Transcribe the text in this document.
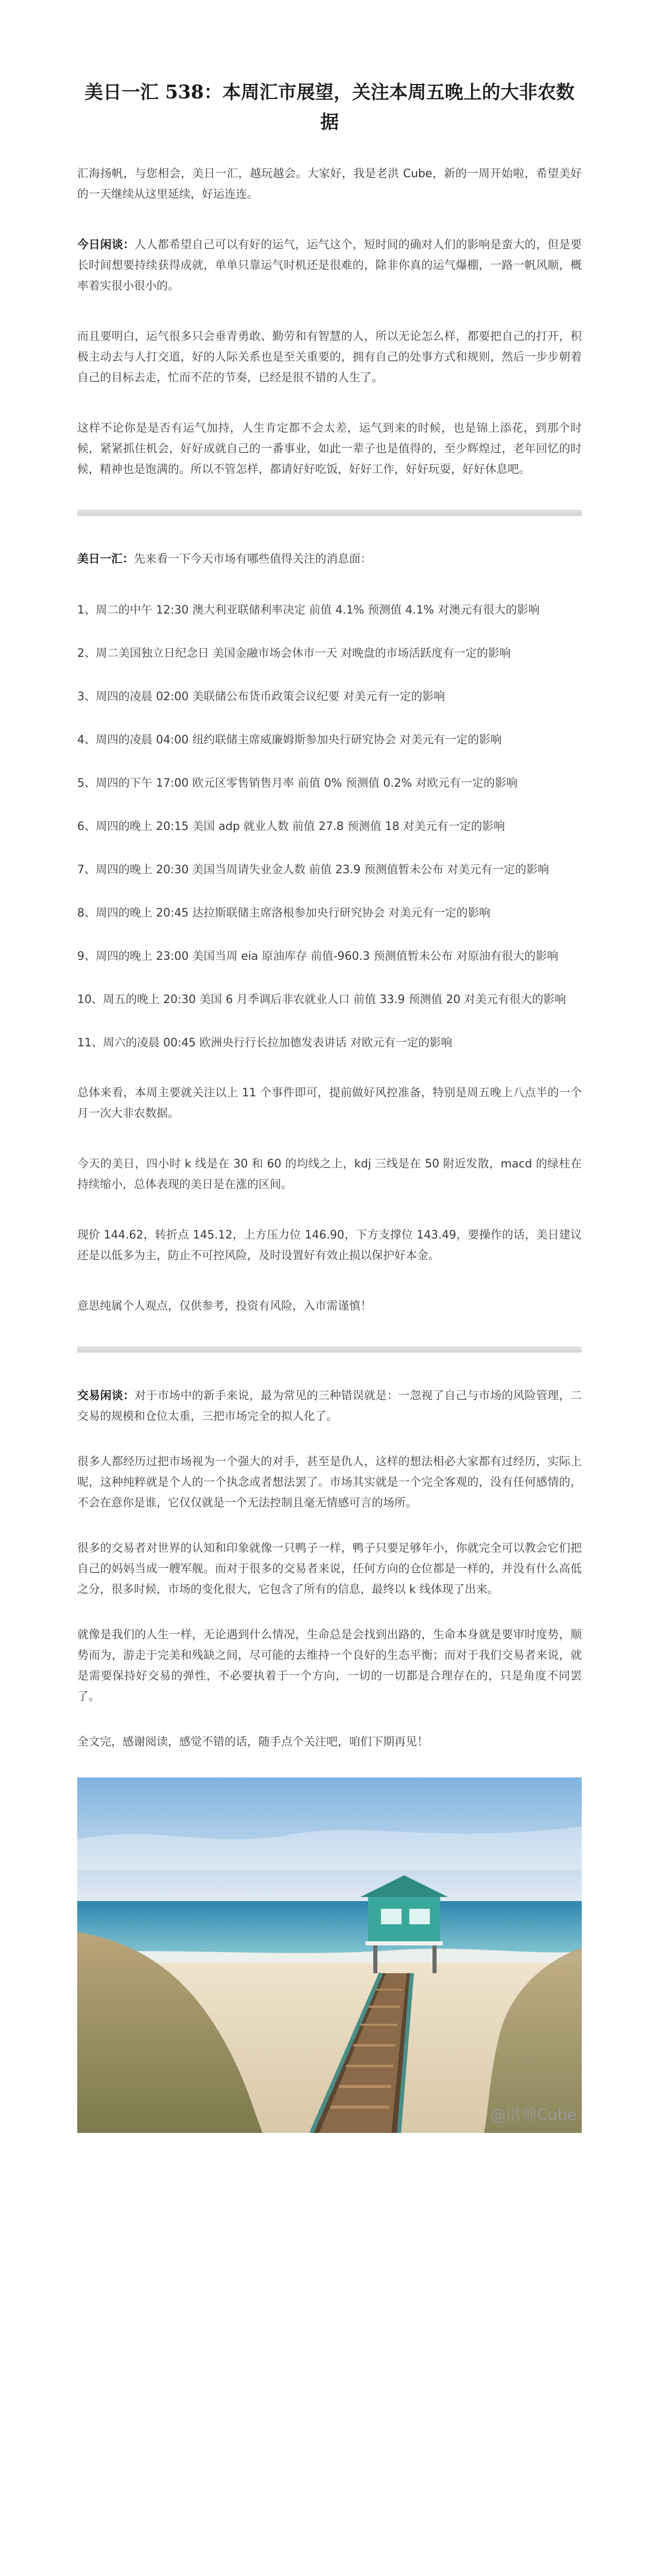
美日一汇 538：本周汇市展望，关注本周五晚上的大非农数据

汇海扬帆，与您相会，美日一汇，越玩越会。大家好，我是老洪 Cube，新的一周开始啦，希望美好的一天继续从这里延续，好运连连。

今日闲谈：人人都希望自己可以有好的运气，运气这个，短时间的确对人们的影响是蛮大的，但是要长时间想要持续获得成就，单单只靠运气时机还是很难的，除非你真的运气爆棚，一路一帆风顺，概率着实很小很小的。

而且要明白，运气很多只会垂青勇敢、勤劳和有智慧的人，所以无论怎么样，都要把自己的打开，积极主动去与人打交道，好的人际关系也是至关重要的，拥有自己的处事方式和规则，然后一步步朝着自己的目标去走，忙而不茫的节奏，已经是很不错的人生了。

这样不论你是是否有运气加持，人生肯定都不会太差，运气到来的时候，也是锦上添花，到那个时候，紧紧抓住机会，好好成就自己的一番事业，如此一辈子也是值得的，至少辉煌过，老年回忆的时候，精神也是饱满的。所以不管怎样，都请好好吃饭，好好工作，好好玩耍，好好休息吧。

美日一汇：先来看一下今天市场有哪些值得关注的消息面：

1、周二的中午 12:30 澳大利亚联储利率决定 前值 4.1% 预测值 4.1% 对澳元有很大的影响
2、周二美国独立日纪念日 美国金融市场会休市一天 对晚盘的市场活跃度有一定的影响
3、周四的凌晨 02:00 美联储公布货币政策会议纪要 对美元有一定的影响
4、周四的凌晨 04:00 纽约联储主席威廉姆斯参加央行研究协会 对美元有一定的影响
5、周四的下午 17:00 欧元区零售销售月率 前值 0% 预测值 0.2% 对欧元有一定的影响
6、周四的晚上 20:15 美国 adp 就业人数 前值 27.8 预测值 18 对美元有一定的影响
7、周四的晚上 20:30 美国当周请失业金人数 前值 23.9 预测值暂未公布 对美元有一定的影响
8、周四的晚上 20:45 达拉斯联储主席洛根参加央行研究协会 对美元有一定的影响
9、周四的晚上 23:00 美国当周 eia 原油库存 前值-960.3 预测值暂未公布 对原油有很大的影响
10、周五的晚上 20:30 美国 6 月季调后非农就业人口 前值 33.9 预测值 20 对美元有很大的影响
11、周六的凌晨 00:45 欧洲央行行长拉加德发表讲话 对欧元有一定的影响

总体来看，本周主要就关注以上 11 个事件即可，提前做好风控准备，特别是周五晚上八点半的一个月一次大非农数据。

今天的美日，四小时 k 线是在 30 和 60 的均线之上，kdj 三线是在 50 附近发散，macd 的绿柱在持续缩小，总体表现的美日是在涨的区间。

现价 144.62，转折点 145.12，上方压力位 146.90，下方支撑位 143.49，要操作的话，美日建议还是以低多为主，防止不可控风险，及时设置好有效止损以保护好本金。

意思纯属个人观点，仅供参考，投资有风险，入市需谨慎！

交易闲谈：对于市场中的新手来说，最为常见的三种错误就是：一忽视了自己与市场的风险管理，二交易的规模和仓位太重，三把市场完全的拟人化了。

很多人都经历过把市场视为一个强大的对手，甚至是仇人，这样的想法相必大家都有过经历，实际上呢，这种纯粹就是个人的一个执念或者想法罢了。市场其实就是一个完全客观的，没有任何感情的，不会在意你是谁，它仅仅就是一个无法控制且毫无情感可言的场所。

很多的交易者对世界的认知和印象就像一只鸭子一样，鸭子只要足够年小，你就完全可以教会它们把自己的妈妈当成一艘军舰。而对于很多的交易者来说，任何方向的仓位都是一样的，并没有什么高低之分，很多时候，市场的变化很大，它包含了所有的信息，最终以 k 线体现了出来。

就像是我们的人生一样，无论遇到什么情况，生命总是会找到出路的，生命本身就是要审时度势，顺势而为，游走于完美和残缺之间，尽可能的去维持一个良好的生态平衡；而对于我们交易者来说，就是需要保持好交易的弹性，不必要执着于一个方向，一切的一切都是合理存在的，只是角度不同罢了。

全文完，感谢阅读，感觉不错的话，随手点个关注吧，咱们下期再见！

@洪帅Cube
